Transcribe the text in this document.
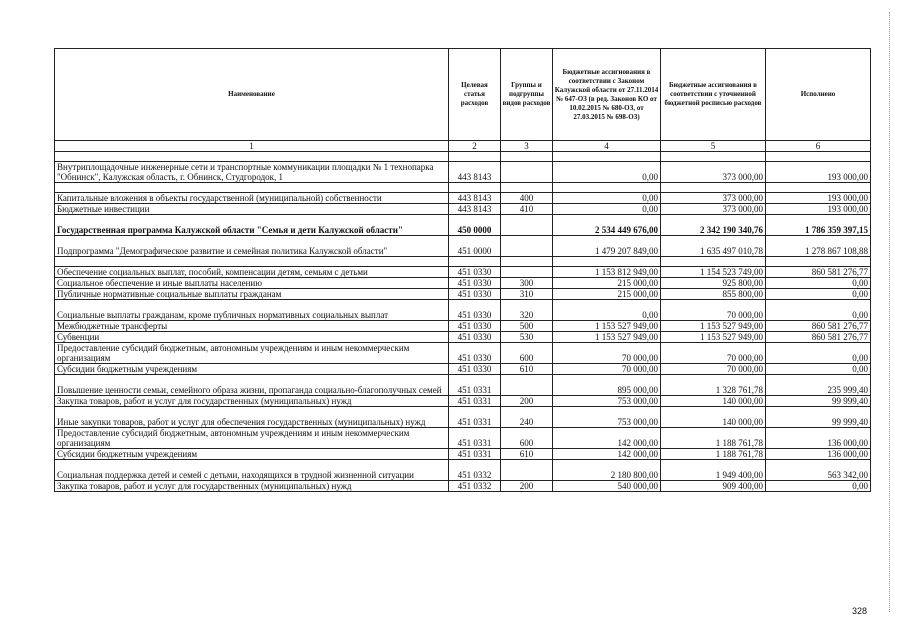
Наименование	Целевая статья расходов	Группы и подгруппы видов расходов	Бюджетные ассигнования в соответствии с Законом Калужской области от 27.11.2014 № 647-ОЗ (в ред. Законов КО от 10.02.2015 № 680-ОЗ, от 27.03.2015 № 698-ОЗ)	Бюджетные ассигнования в соответствии с уточненной бюджетной росписью расходов	Исполнено
1	2	3	4	5	6

Внутриплощадочные инженерные сети и транспортные коммуникации площадки № 1 технопарка "Обнинск", Калужская область, г. Обнинск, Студгородок, 1	443 8143		0,00	373 000,00	193 000,00

Капитальные вложения в объекты государственной (муниципальной) собственности	443 8143	400	0,00	373 000,00	193 000,00
Бюджетные инвестиции	443 8143	410	0,00	373 000,00	193 000,00
Государственная программа Калужской области "Семья и дети Калужской области"	450 0000		2 534 449 676,00	2 342 190 340,76	1 786 359 397,15
Подпрограмма "Демографическое развитие и семейная политика Калужской области"	451 0000		1 479 207 849,00	1 635 497 010,78	1 278 867 108,88

Обеспечение социальных выплат, пособий, компенсации детям, семьям с детьми	451 0330		1 153 812 949,00	1 154 523 749,00	860 581 276,77
Социальное обеспечение и иные выплаты населению	451 0330	300	215 000,00	925 800,00	0,00
Публичные нормативные социальные выплаты гражданам	451 0330	310	215 000,00	855 800,00	0,00
Социальные выплаты гражданам, кроме публичных нормативных социальных выплат	451 0330	320	0,00	70 000,00	0,00
Межбюджетные трансферты	451 0330	500	1 153 527 949,00	1 153 527 949,00	860 581 276,77
Субвенции	451 0330	530	1 153 527 949,00	1 153 527 949,00	860 581 276,77
Предоставление субсидий бюджетным, автономным учреждениям и иным некоммерческим организациям	451 0330	600	70 000,00	70 000,00	0,00
Субсидии бюджетным учреждениям	451 0330	610	70 000,00	70 000,00	0,00
Повышение ценности семьи, семейного образа жизни, пропаганда социально-благополучных семей	451 0331		895 000,00	1 328 761,78	235 999,40
Закупка товаров, работ и услуг для государственных (муниципальных) нужд	451 0331	200	753 000,00	140 000,00	99 999,40
Иные закупки товаров, работ и услуг для обеспечения государственных (муниципальных) нужд	451 0331	240	753 000,00	140 000,00	99 999,40
Предоставление субсидий бюджетным, автономным учреждениям и иным некоммерческим организациям	451 0331	600	142 000,00	1 188 761,78	136 000,00
Субсидии бюджетным учреждениям	451 0331	610	142 000,00	1 188 761,78	136 000,00
Социальная поддержка детей и семей с детьми, находящихся в трудной жизненной ситуации	451 0332		2 180 800,00	1 949 400,00	563 342,00
Закупка товаров, работ и услуг для государственных (муниципальных) нужд	451 0332	200	540 000,00	909 400,00	0,00
328
